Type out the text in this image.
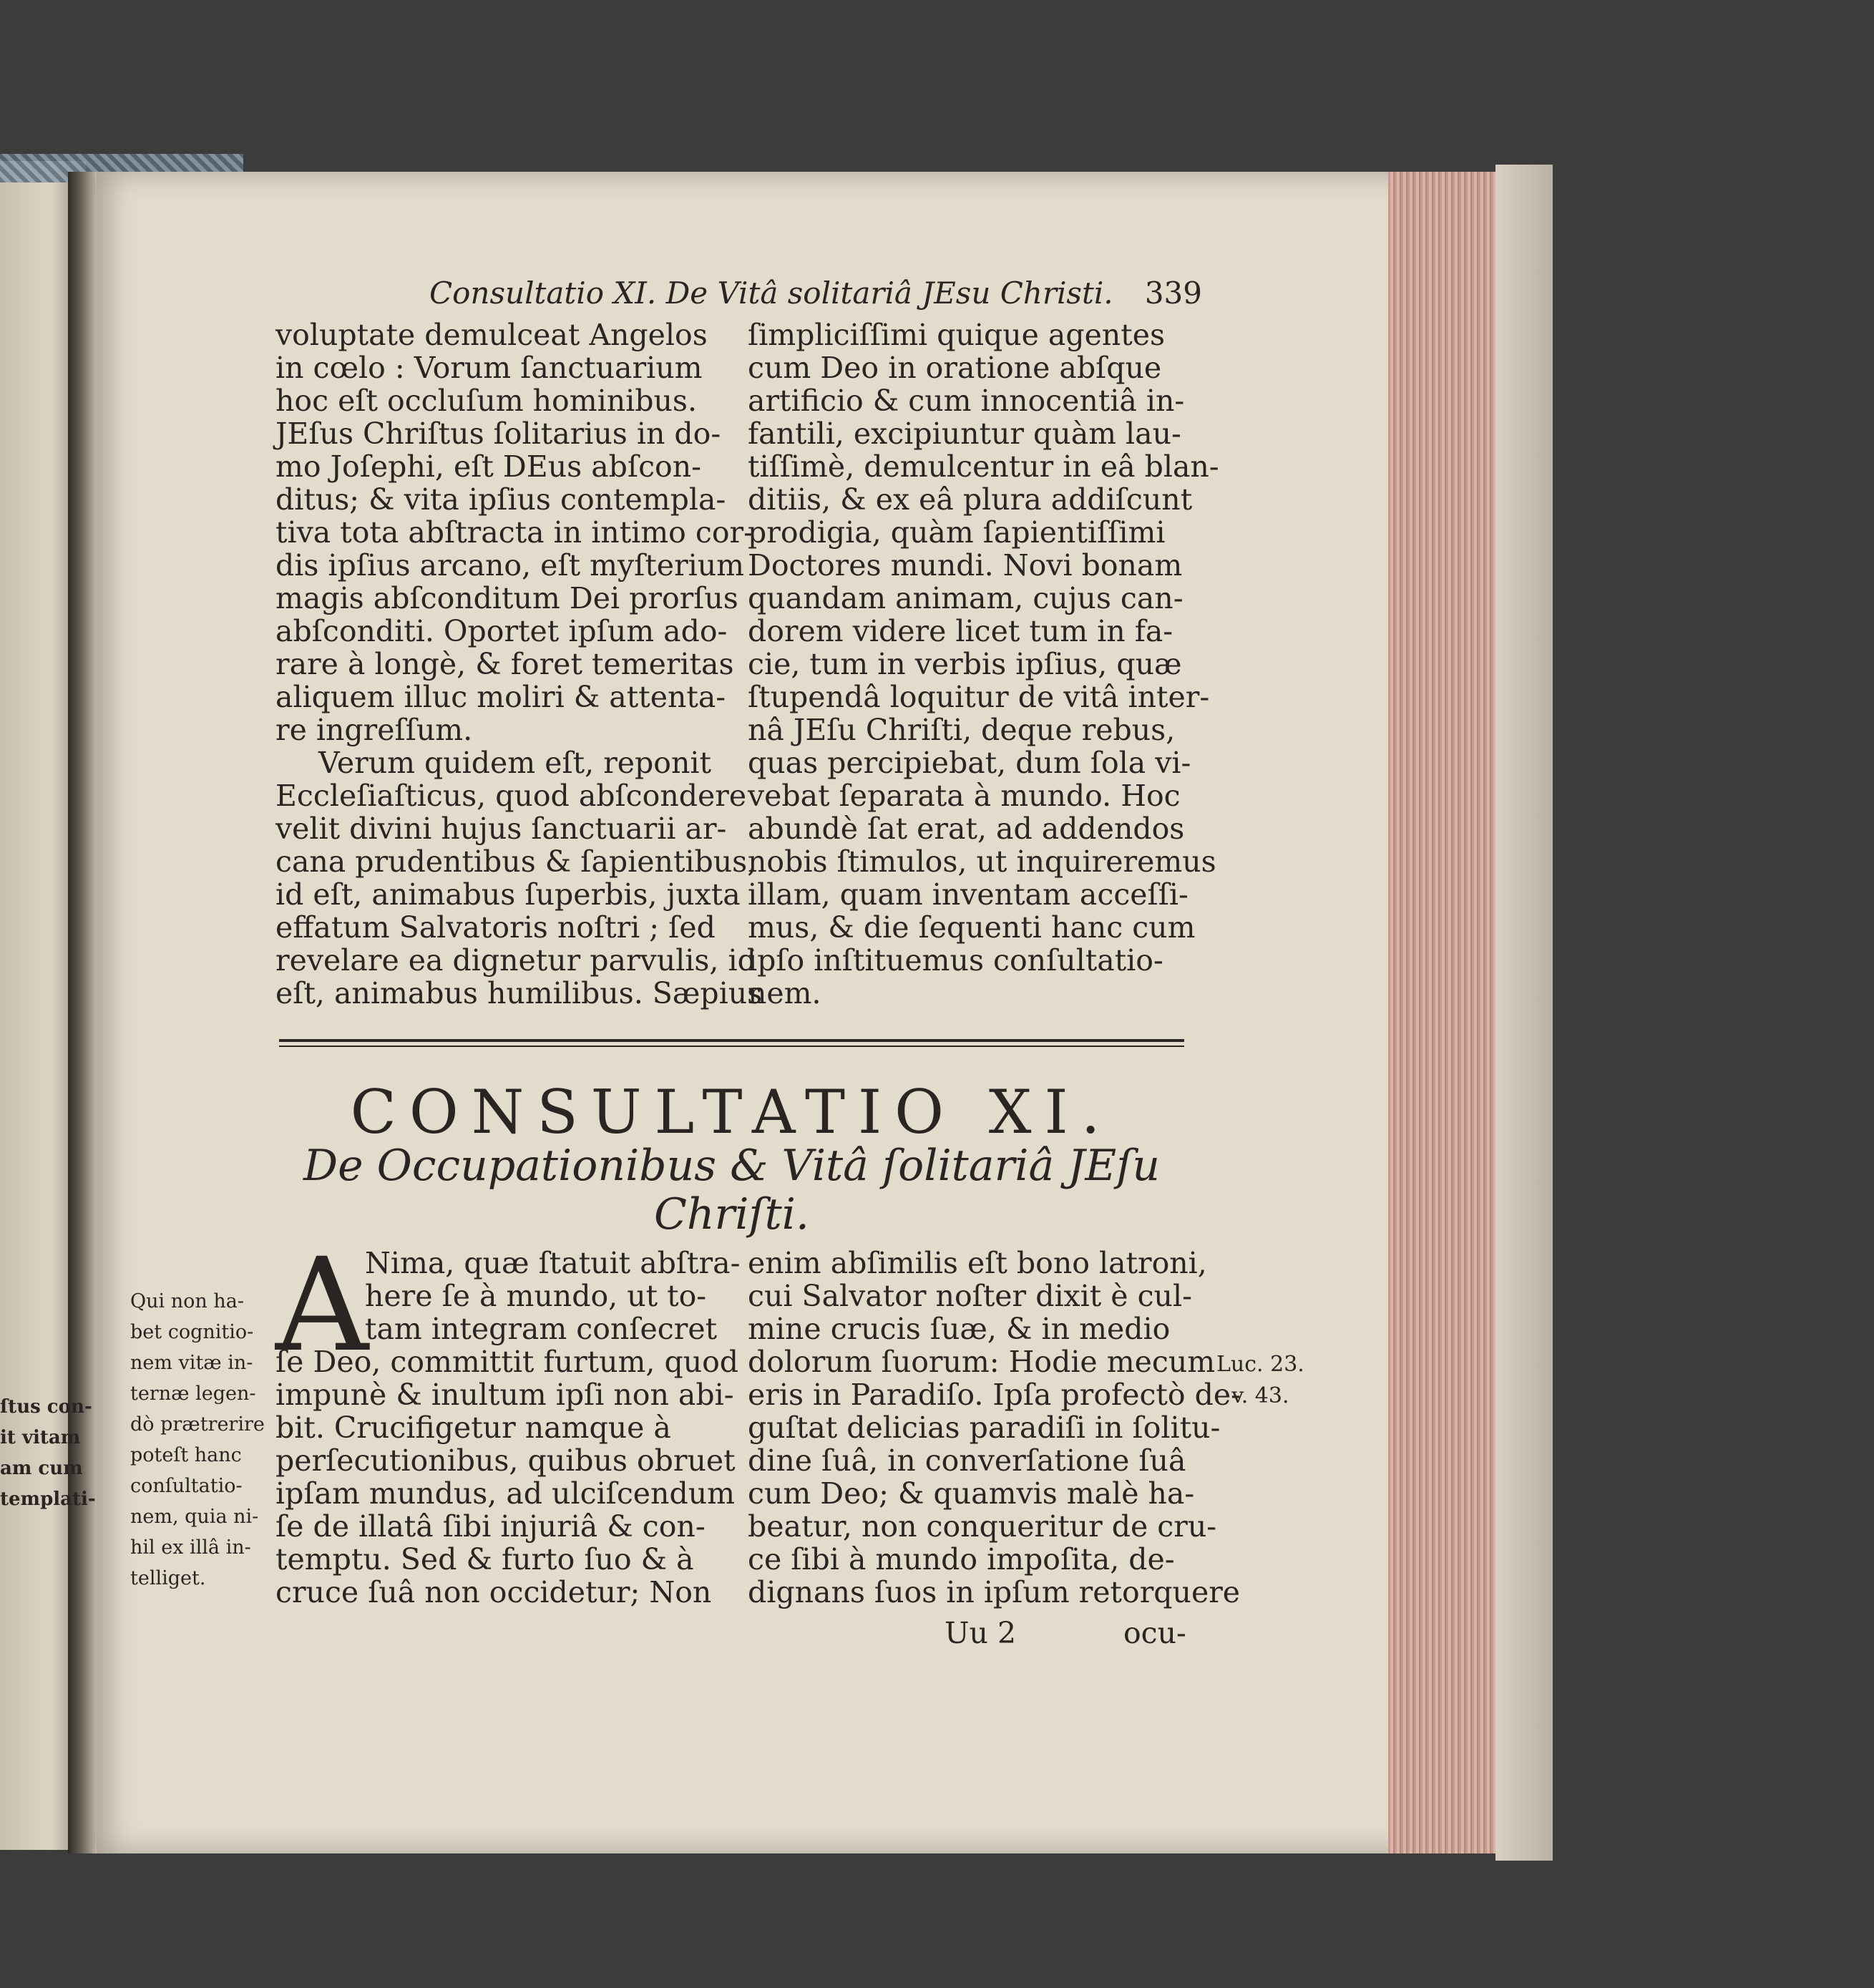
ſtus con-
it vitam
am cum
templati-
Consultatio XI. De Vitâ solitariâ JEsu Christi. 339
voluptate demulceat Angelos
in cœlo : Vorum ſanctuarium
hoc eſt occluſum hominibus.
JEſus Chriſtus ſolitarius in do-
mo Joſephi, eſt DEus abſcon-
ditus; & vita ipſius contempla-
tiva tota abſtracta in intimo cor-
dis ipſius arcano, eſt myſterium
magis abſconditum Dei prorſus
abſconditi. Oportet ipſum ado-
rare à longè, & foret temeritas
aliquem illuc moliri & attenta-
re ingreſſum.
Verum quidem eſt, reponit
Eccleſiaſticus, quod abſcondere
velit divini hujus ſanctuarii ar-
cana prudentibus & ſapientibus,
id eſt, animabus ſuperbis, juxta
effatum Salvatoris noſtri ; ſed
revelare ea dignetur parvulis, id
eſt, animabus humilibus. Sæpius
ſimpliciſſimi quique agentes
cum Deo in oratione abſque
artificio & cum innocentiâ in-
fantili, excipiuntur quàm lau-
tiſſimè, demulcentur in eâ blan-
ditiis, & ex eâ plura addiſcunt
prodigia, quàm ſapientiſſimi
Doctores mundi. Novi bonam
quandam animam, cujus can-
dorem videre licet tum in fa-
cie, tum in verbis ipſius, quæ
ſtupendâ loquitur de vitâ inter-
nâ JEſu Chriſti, deque rebus,
quas percipiebat, dum ſola vi-
vebat ſeparata à mundo. Hoc
abundè ſat erat, ad addendos
nobis ſtimulos, ut inquireremus
illam, quam inventam acceſſi-
mus, & die ſequenti hanc cum
ipſo inſtituemus conſultatio-
nem.
CONSULTATIO XI.
De Occupationibus & Vitâ ſolitariâ JEſu
Chriſti.
Qui non ha-
bet cognitio-
nem vitæ in-
ternæ legen-
dò prætrerire
poteſt hanc
conſultatio-
nem, quia ni-
hil ex illâ in-
telliget.
A
Nima, quæ ſtatuit abſtra-
here ſe à mundo, ut to-
tam integram conſecret
ſe Deo, committit furtum, quod
impunè & inultum ipſi non abi-
bit. Crucifigetur namque à
perſecutionibus, quibus obruet
ipſam mundus, ad ulciſcendum
ſe de illatâ ſibi injuriâ & con-
temptu. Sed & furto ſuo & à
cruce ſuâ non occidetur; Non
enim abſimilis eſt bono latroni,
cui Salvator noſter dixit è cul-
mine crucis ſuæ, & in medio
dolorum ſuorum: Hodie mecum
eris in Paradiſo. Ipſa profectò de-
guſtat delicias paradiſi in ſolitu-
dine ſuâ, in converſatione ſuâ
cum Deo; & quamvis malè ha-
beatur, non conqueritur de cru-
ce ſibi à mundo impoſita, de-
dignans ſuos in ipſum retorquere
Luc. 23.
v. 43.
Uu 2	ocu-
